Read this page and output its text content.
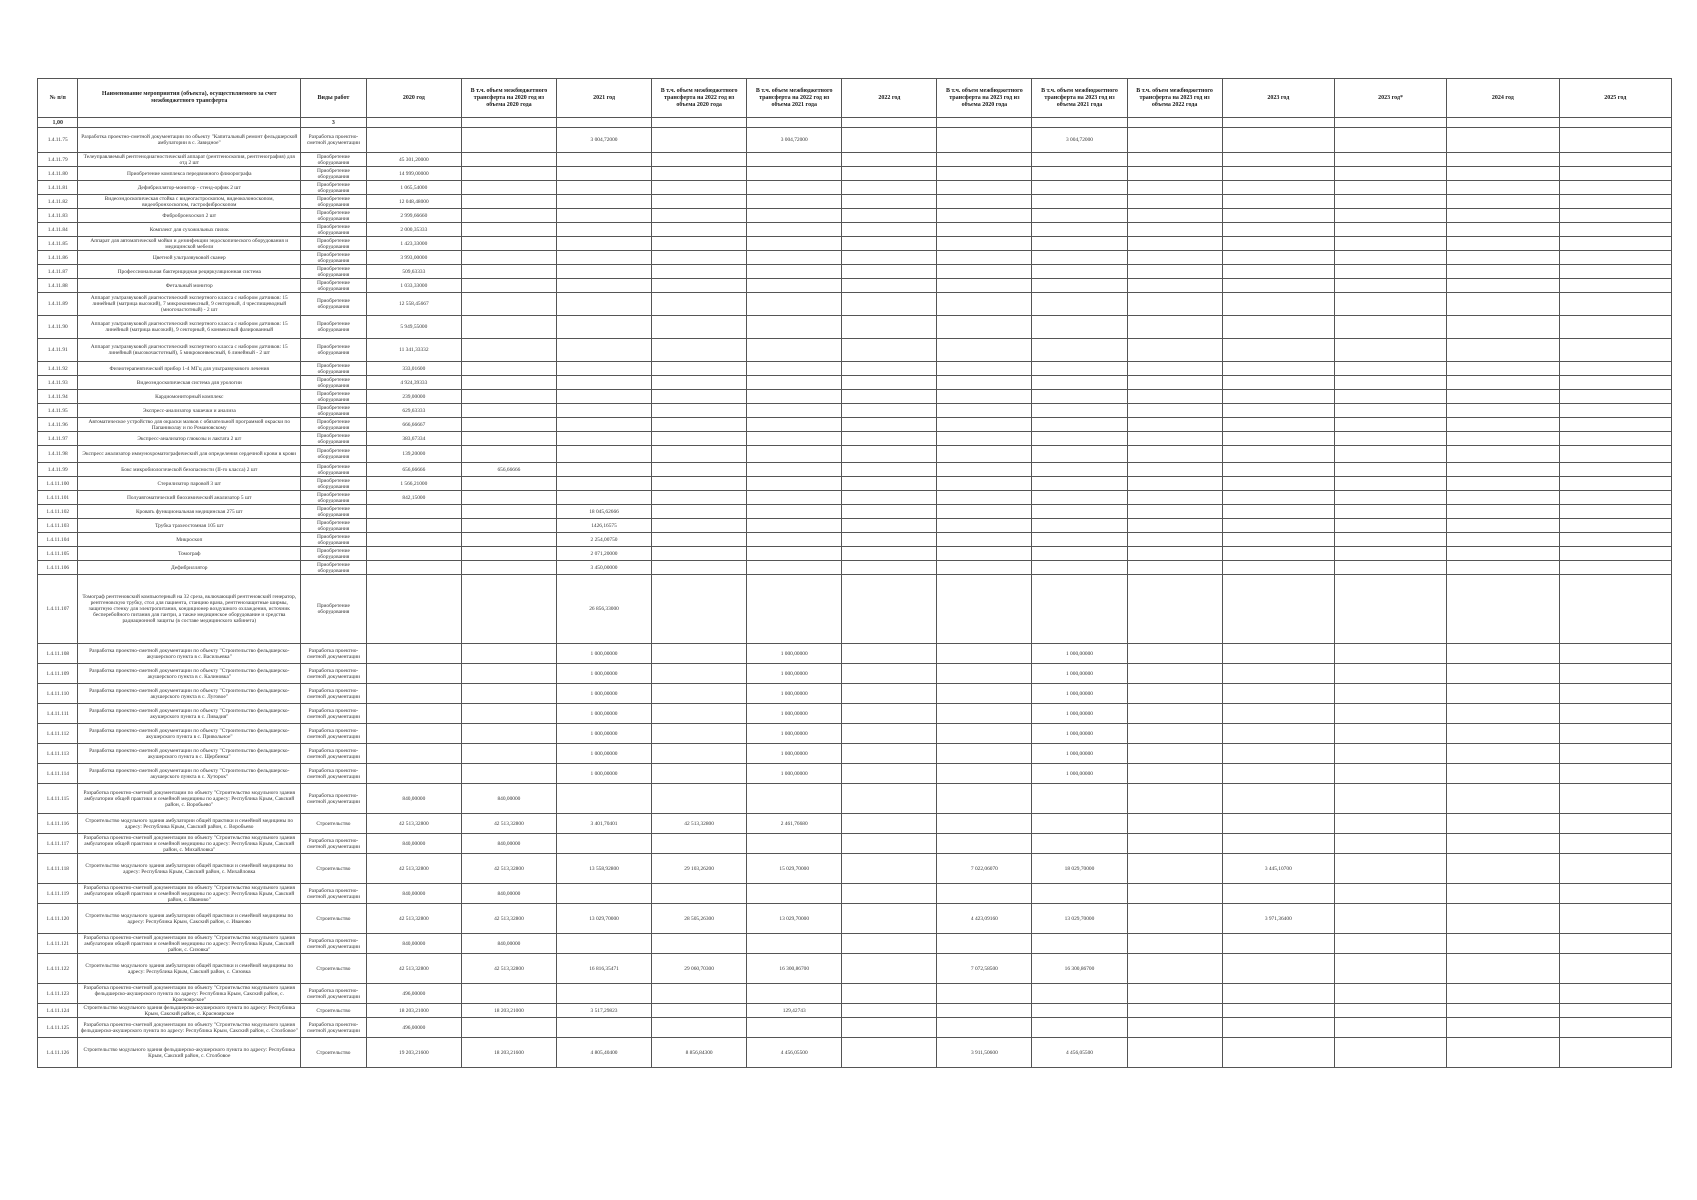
№ п/п	Наименование мероприятия (объекта), осуществляемого за счет межбюджетного трансферта	Виды работ	2020 год	В т.ч. объем межбюджетного трансферта на 2020 год из объема 2020 года	2021 год	В т.ч. объем межбюджетного трансферта на 2022 год из объема 2020 года	В т.ч. объем межбюджетного трансферта на 2022 год из объема 2021 года	2022 год	В т.ч. объем межбюджетного трансферта на 2023 год из объема 2020 года	В т.ч. объем межбюджетного трансферта на 2023 год из объема 2021 года	В т.ч. объем межбюджетного трансферта на 2023 год из объема 2022 года	2023 год	2023 год*	2024 год	2025 год
1,00		3													
1.4.11.75	Разработка проектно-сметной документации по объекту "Капитальный ремонт фельдшерской амбулатории в с. Завидное"	Разработка проектно-сметной документации			3 004,72000		3 004,72000			3 004,72000					
1.4.11.79	Телеуправляемый рентгенодиагностический аппарат (рентгеноскопия, рентгенография) для отд 2 шт	Приобретение оборудования	45 301,20000												
1.4.11.80	Приобретение комплекса передвижного флюорографа	Приобретение оборудования	14 999,00000												
1.4.11.81	Дефибриллятор-монитор - стенд-орфик 2 шт	Приобретение оборудования	1 065,54000												
1.4.11.82	Видеоэндоскопическая стойка с видеогастроскопом, видеоколоноскопом, видеобронхоскопом, гастрофиброскопом	Приобретение оборудования	12 048,48000												
1.4.11.83	Фибробронхоскоп 2 шт	Приобретение оборудования	2 999,66660												
1.4.11.84	Комплект для сухожильных пилок	Приобретение оборудования	2 000,35333												
1.4.11.85	Аппарат для автоматической мойки и дезинфекции эндоскопического оборудования и медицинской мебели	Приобретение оборудования	1 423,33000												
1.4.11.86	Цветной ультразвуковой сканер	Приобретение оборудования	3 993,00000												
1.4.11.87	Профессиональная бактерицидная рециркуляционная система	Приобретение оборудования	509,63333												
1.4.11.88	Фетальный монитор	Приобретение оборудования	1 033,33000												
1.4.11.89	Аппарат ультразвуковой диагностический экспертного класса с набором датчиков: 15 линейный (матрица высокий), 7 микроконвексный, 9 секторный, 4 чреспищеводный (многочастотный) - 2 шт	Приобретение оборудования	12 558,45667												
1.4.11.90	Аппарат ультразвуковой диагностический экспертного класса с набором датчиков: 15 линейный (матрица высокий), 9 секторный, 6 конвексный фазированный	Приобретение оборудования	5 949,55000												
1.4.11.91	Аппарат ультразвуковой диагностический экспертного класса с набором датчиков: 15 линейный (высокочастотный), 5 микроконвексный, 6 линейный - 2 шт	Приобретение оборудования	11 341,33332												
1.4.11.92	Физиотерапевтический прибор 1-4 МГц для ультразвукового лечения	Приобретение оборудования	333,01600												
1.4.11.93	Видеоэндоскопическая система для урологии	Приобретение оборудования	4 924,39333												
1.4.11.94	Кардиомониторный комплекс	Приобретение оборудования	239,00000												
1.4.11.95	Экспресс-анализатор чашечки и анализа	Приобретение оборудования	629,63333												
1.4.11.96	Автоматическое устройство для окраски мазков с обязательной программой окраски по Папаниколау и по Романовскому	Приобретение оборудования	666,66667												
1.4.11.97	Экспресс-анализатор глюкозы и лактата 2 шт	Приобретение оборудования	383,67334												
1.4.11.98	Экспресс анализатор иммунохроматографический для определения сердечной крови в крови	Приобретение оборудования	139,20000												
1.4.11.99	Бокс микробиологической безопасности (II-го класса) 2 шт	Приобретение оборудования	656,66666	656,66666											
1.4.11.100	Стерилизатор паровой 3 шт	Приобретение оборудования	1 566,21000												
1.4.11.101	Полуавтоматический биохимический анализатор 5 шт	Приобретение оборудования	842,15000												
1.4.11.102	Кровать функциональная медицинская 275 шт	Приобретение оборудования			18 045,62666										
1.4.11.103	Трубка трахеостомная 105 шт	Приобретение оборудования			1426,16575										
1.4.11.104	Микроскоп	Приобретение оборудования			2 254,00750										
1.4.11.105	Томограф	Приобретение оборудования			2 071,20000										
1.4.11.106	Дефибриллятор	Приобретение оборудования			3 450,00000										
1.4.11.107	Томограф рентгеновский компьютерный на 32 среза, включающий рентгеновский генератор, рентгеновскую трубку, стол для пациента, станцию врача, рентгенозащитные ширмы, защитную стенку для электропитания, кондиционер воздушного охлаждения, источник бесперебойного питания для гантри, а также медицинское оборудование и средства радиационной защиты (в составе медицинского кабинета)	Приобретение оборудования			26 856,33000										
1.4.11.108	Разработка проектно-сметной документации по объекту "Строительство фельдшерско-акушерского пункта в с. Васильевка"	Разработка проектно-сметной документации			1 000,00000		1 000,00000			1 000,00000					
1.4.11.109	Разработка проектно-сметной документации по объекту "Строительство фельдшерско-акушерского пункта в с. Калиновка"	Разработка проектно-сметной документации			1 000,00000		1 000,00000			1 000,00000					
1.4.11.110	Разработка проектно-сметной документации по объекту "Строительство фельдшерско-акушерского пункта в с. Луговое"	Разработка проектно-сметной документации			1 000,00000		1 000,00000			1 000,00000					
1.4.11.111	Разработка проектно-сметной документации по объекту "Строительство фельдшерско-акушерского пункта в с. Ливадия"	Разработка проектно-сметной документации			1 000,00000		1 000,00000			1 000,00000					
1.4.11.112	Разработка проектно-сметной документации по объекту "Строительство фельдшерско-акушерского пункта в с. Привольное"	Разработка проектно-сметной документации			1 000,00000		1 000,00000			1 000,00000					
1.4.11.113	Разработка проектно-сметной документации по объекту "Строительство фельдшерско-акушерского пункта в с. Щербинка"	Разработка проектно-сметной документации			1 000,00000		1 000,00000			1 000,00000					
1.4.11.114	Разработка проектно-сметной документации по объекту "Строительство фельдшерско-акушерского пункта в с. Хуторок"	Разработка проектно-сметной документации			1 000,00000		1 000,00000			1 000,00000					
1.4.11.115	Разработка проектно-сметной документации по объекту "Строительство модульного здания амбулатории общей практики и семейной медицины по адресу: Республика Крым, Сакский район, с. Воробьево"	Разработка проектно-сметной документации	840,00000	840,00000											
1.4.11.116	Строительство модульного здания амбулатории общей практики и семейной медицины по адресу: Республика Крым, Сакский район, с. Воробьево	Строительство	42 513,32800	42 513,32800	3 401,70401	42 513,32800	2 461,76680								
1.4.11.117	Разработка проектно-сметной документации по объекту "Строительство модульного здания амбулатории общей практики и семейной медицины по адресу: Республика Крым, Сакский район, с. Михайловка"	Разработка проектно-сметной документации	840,00000	840,00000											
1.4.11.118	Строительство модульного здания амбулатории общей практики и семейной медицины по адресу: Республика Крым, Сакский район, с. Михайловка	Строительство	42 513,32800	42 513,32800	13 558,92800	29 103,26200	15 029,70000		7 022,06070	18 029,70000		3 445,10700			
1.4.11.119	Разработка проектно-сметной документации по объекту "Строительство модульного здания амбулатории общей практики и семейной медицины по адресу: Республика Крым, Сакский район, с. Иваново"	Разработка проектно-сметной документации	840,00000	840,00000											
1.4.11.120	Строительство модульного здания амбулатории общей практики и семейной медицины по адресу: Республика Крым, Сакский район, с. Иваново	Строительство	42 513,32800	42 513,32800	13 029,70000	28 505,26300	13 029,70000		4 423,09160	13 029,70000		3 971,36400			
1.4.11.121	Разработка проектно-сметной документации по объекту "Строительство модульного здания амбулатории общей практики и семейной медицины по адресу: Республика Крым, Сакский район, с. Сизовка"	Разработка проектно-сметной документации	840,00000	840,00000											
1.4.11.122	Строительство модульного здания амбулатории общей практики и семейной медицины по адресу: Республика Крым, Сакский район, с. Сизовка	Строительство	42 513,32800	42 513,32800	16 816,35471	29 060,70300	16 300,86700		7 072,58500	16 300,86700					
1.4.11.123	Разработка проектно-сметной документации по объекту "Строительство модульного здания фельдшерско-акушерского пункта по адресу: Республика Крым, Сакский район, с. Красноярское"	Разработка проектно-сметной документации	496,00000												
1.4.11.124	Строительство модульного здания фельдшерско-акушерского пункта по адресу: Республика Крым, Сакский район, с. Красноярское	Строительство	18 203,21000	18 203,21000	3 517,29823		129,42743								
1.4.11.125	Разработка проектно-сметной документации по объекту "Строительство модульного здания фельдшерско-акушерского пункта по адресу: Республика Крым, Сакский район, с. Столбовое"	Разработка проектно-сметной документации	496,00000												
1.4.11.126	Строительство модульного здания фельдшерско-акушерского пункта по адресу: Республика Крым, Сакский район, с. Столбовое	Строительство	19 203,21600	18 203,21600	4 805,40400	8 856,84300	4 456,05500		3 911,50600	4 456,05500					
